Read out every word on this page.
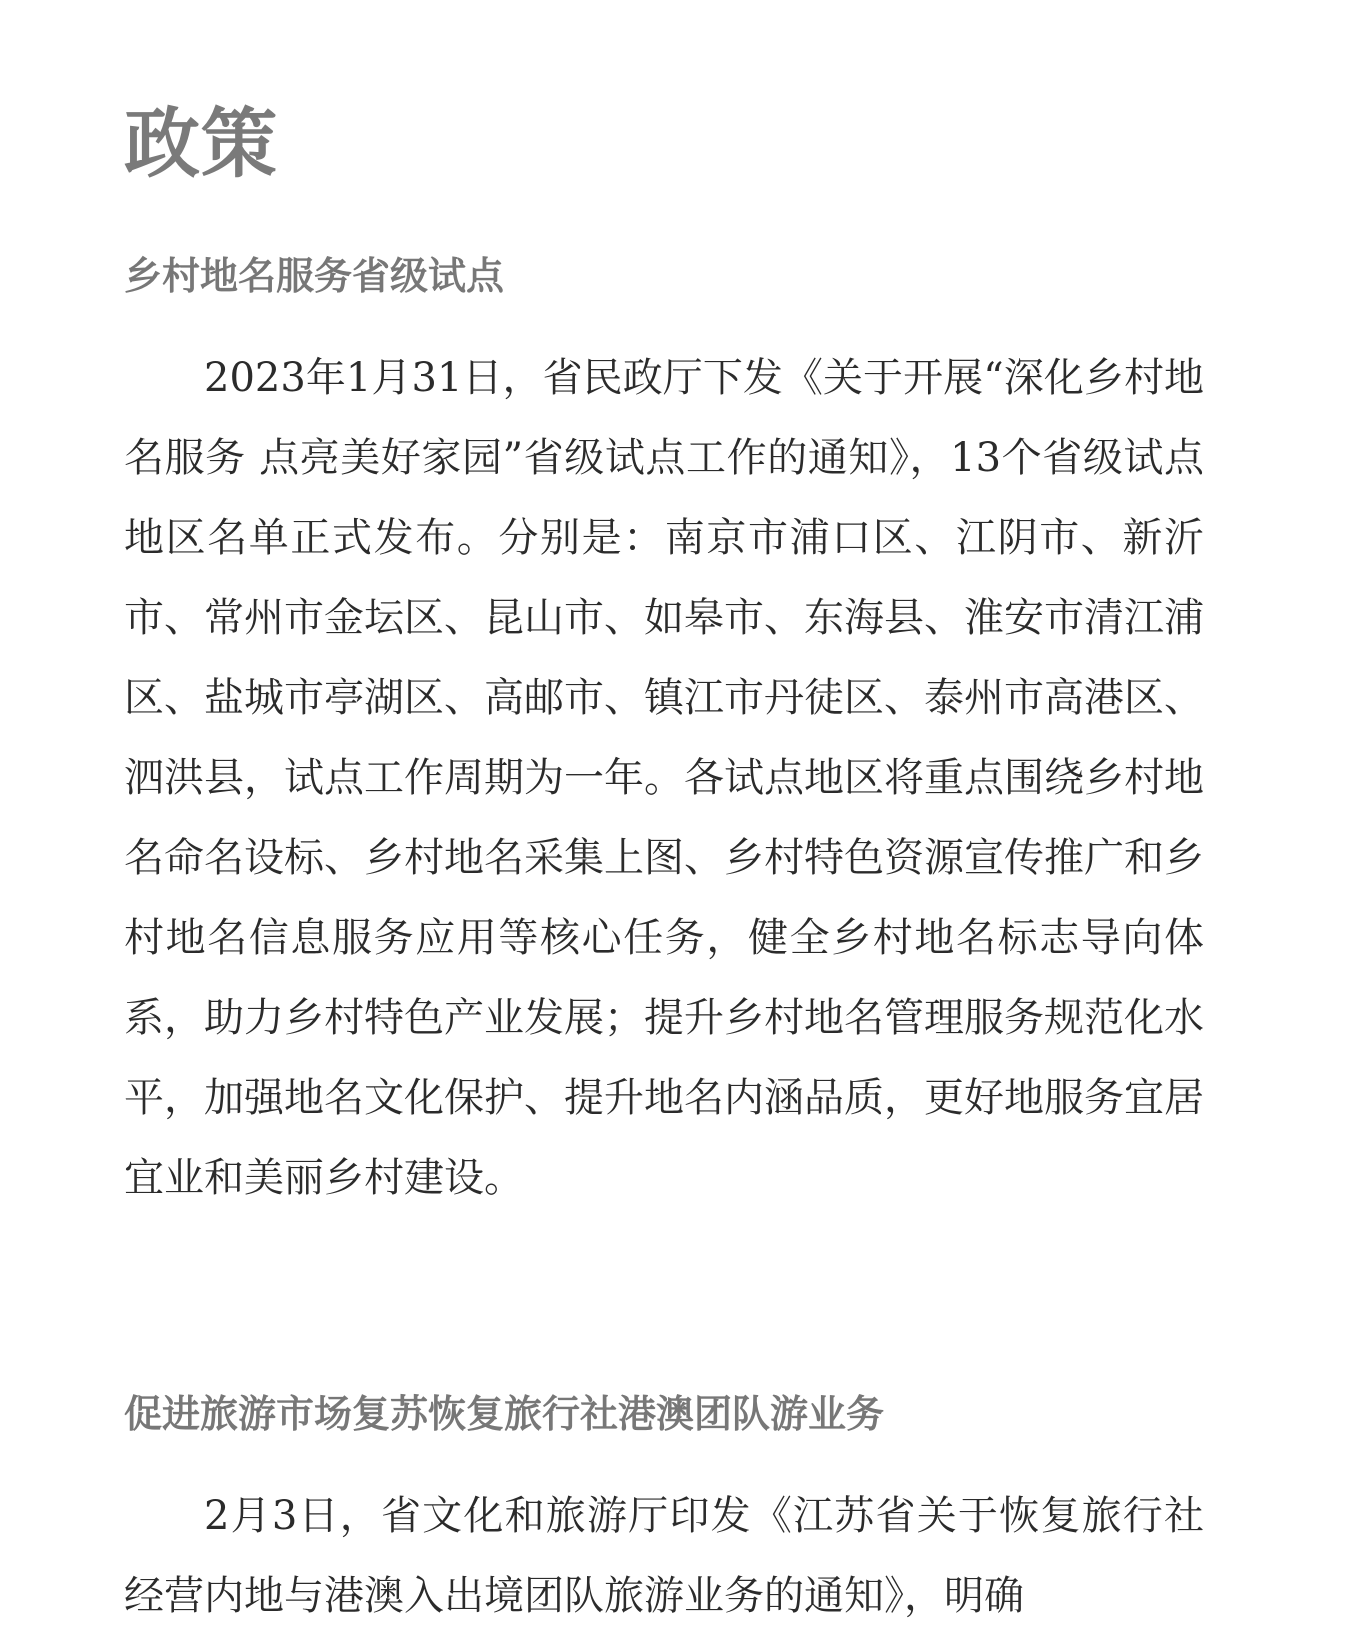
政策
乡村地名服务省级试点

2023年1月31日，省民政厅下发《关于开展“深化乡村地名服务 点亮美好家园”省级试点工作的通知》，13个省级试点地区名单正式发布。分别是：南京市浦口区、江阴市、新沂市、常州市金坛区、昆山市、如皋市、东海县、淮安市清江浦区、盐城市亭湖区、高邮市、镇江市丹徒区、泰州市高港区、泗洪县，试点工作周期为一年。各试点地区将重点围绕乡村地名命名设标、乡村地名采集上图、乡村特色资源宣传推广和乡村地名信息服务应用等核心任务，健全乡村地名标志导向体系，助力乡村特色产业发展；提升乡村地名管理服务规范化水平，加强地名文化保护、提升地名内涵品质，更好地服务宜居宜业和美丽乡村建设。

促进旅游市场复苏恢复旅行社港澳团队游业务

2月3日，省文化和旅游厅印发《江苏省关于恢复旅行社经营内地与港澳入出境团队旅游业务的通知》，明确
